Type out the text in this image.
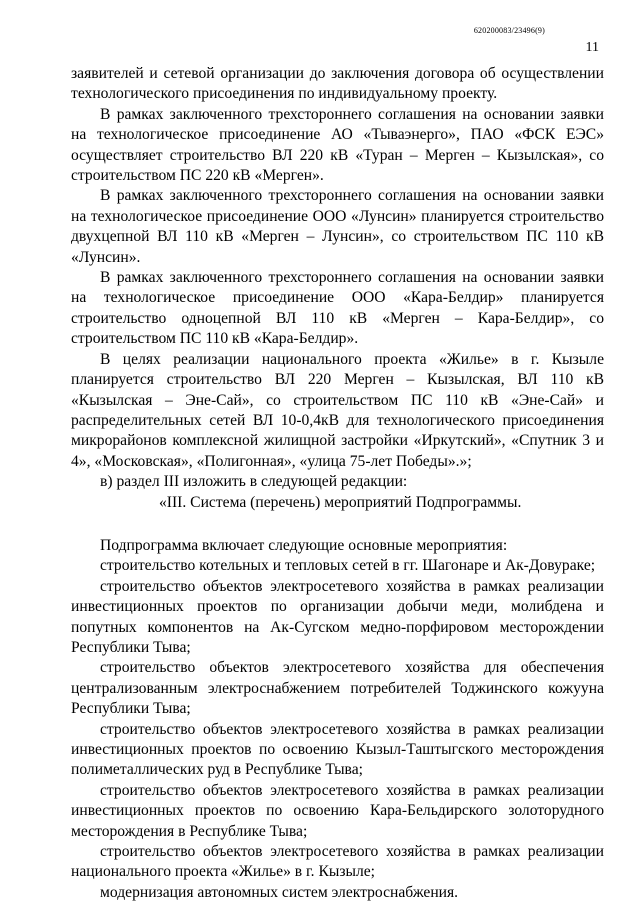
620200083/23496(9)
11

заявителей и сетевой организации до заключения договора об осуществлении технологического присоединения по индивидуальному проекту.

В рамках заключенного трехстороннего соглашения на основании заявки на технологическое присоединение АО «Тываэнерго», ПАО «ФСК ЕЭС» осуществляет строительство ВЛ 220 кВ «Туран – Мерген – Кызылская», со строительством ПС 220 кВ «Мерген».

В рамках заключенного трехстороннего соглашения на основании заявки на технологическое присоединение ООО «Лунсин» планируется строительство двухцепной ВЛ 110 кВ «Мерген – Лунсин», со строительством ПС 110 кВ «Лунсин».

В рамках заключенного трехстороннего соглашения на основании заявки на технологическое присоединение ООО «Кара-Белдир» планируется строительство одноцепной ВЛ 110 кВ «Мерген – Кара-Белдир», со строительством ПС 110 кВ «Кара-Белдир».

В целях реализации национального проекта «Жилье» в г. Кызыле планируется строительство ВЛ 220 Мерген – Кызылская, ВЛ 110 кВ «Кызылская – Эне-Сай», со строительством ПС 110 кВ «Эне-Сай» и распределительных сетей ВЛ 10-0,4кВ для технологического присоединения микрорайонов комплексной жилищной застройки «Иркутский», «Спутник 3 и 4», «Московская», «Полигонная», «улица 75-лет Победы».»;

в) раздел III изложить в следующей редакции:

«III. Система (перечень) мероприятий Подпрограммы.

Подпрограмма включает следующие основные мероприятия:

строительство котельных и тепловых сетей в гг. Шагонаре и Ак-Довураке;

строительство объектов электросетевого хозяйства в рамках реализации инвестиционных проектов по организации добычи меди, молибдена и попутных компонентов на Ак-Сугском медно-порфировом месторождении Республики Тыва;

строительство объектов электросетевого хозяйства для обеспечения централизованным электроснабжением потребителей Тоджинского кожууна Республики Тыва;

строительство объектов электросетевого хозяйства в рамках реализации инвестиционных проектов по освоению Кызыл-Таштыгского месторождения полиметаллических руд в Республике Тыва;

строительство объектов электросетевого хозяйства в рамках реализации инвестиционных проектов по освоению Кара-Бельдирского золоторудного месторождения в Республике Тыва;

строительство объектов электросетевого хозяйства в рамках реализации национального проекта «Жилье» в г. Кызыле;

модернизация автономных систем электроснабжения.
